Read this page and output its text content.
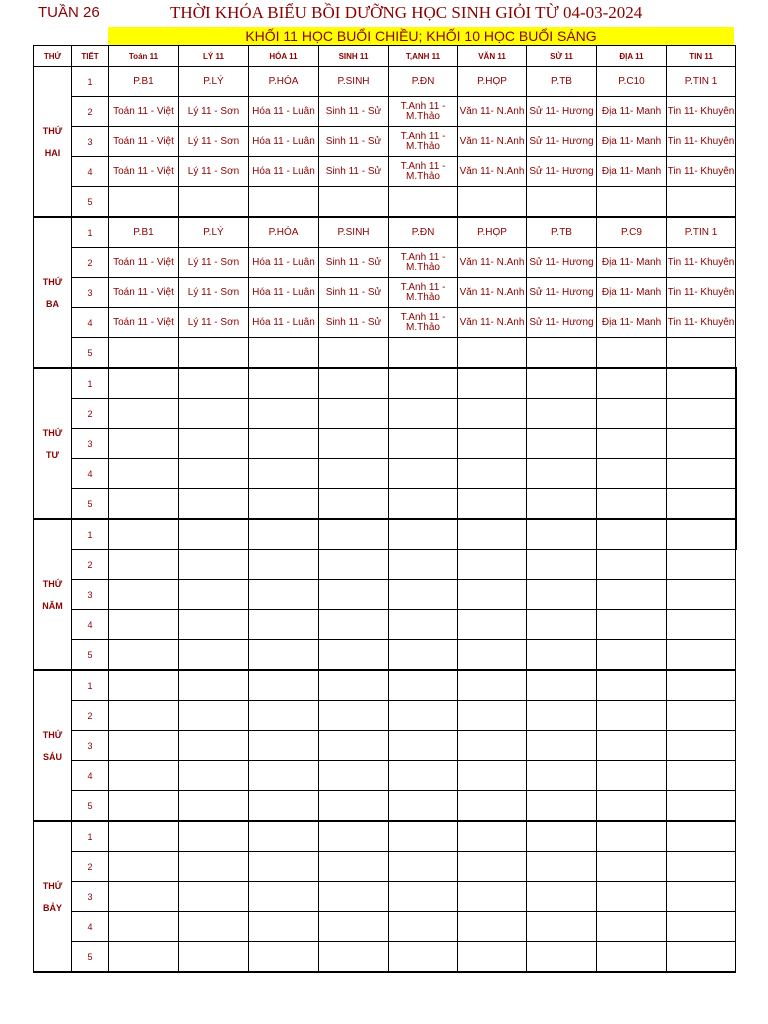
TUẦN 26	THỜI KHÓA BIỂU BỒI DƯỠNG HỌC SINH GIỎI TỪ 04-03-2024
KHỐI 11 HỌC BUỔI CHIỀU; KHỐI 10 HỌC BUỔI SÁNG
THỨ	TIẾT	Toán 11	LÝ 11	HÓA 11	SINH 11	T,ANH 11	VĂN 11	SỬ 11	ĐỊA 11	TIN 11

THỨ
HAI	1	P.B1	P.LÝ	P.HÓA	P.SINH	P.ĐN	P.HỌP	P.TB	P.C10	P.TIN 1
	2	Toán 11 - Việt	Lý 11 - Sơn	Hóa 11 - Luân	Sinh 11 - Sử	T.Anh 11 - M.Thảo	Văn 11- N.Anh	Sử 11- Hương	Địa 11- Manh	Tin 11- Khuyên
	3	Toán 11 - Việt	Lý 11 - Sơn	Hóa 11 - Luân	Sinh 11 - Sử	T.Anh 11 - M.Thảo	Văn 11- N.Anh	Sử 11- Hương	Địa 11- Manh	Tin 11- Khuyên
	4	Toán 11 - Việt	Lý 11 - Sơn	Hóa 11 - Luân	Sinh 11 - Sử	T.Anh 11 - M.Thảo	Văn 11- N.Anh	Sử 11- Hương	Địa 11- Manh	Tin 11- Khuyên
	5									

THỨ
BA	1	P.B1	P.LÝ	P.HÓA	P.SINH	P.ĐN	P.HỌP	P.TB	P.C9	P.TIN 1
	2	Toán 11 - Việt	Lý 11 - Sơn	Hóa 11 - Luân	Sinh 11 - Sử	T.Anh 11 - M.Thảo	Văn 11- N.Anh	Sử 11- Hương	Địa 11- Manh	Tin 11- Khuyên
	3	Toán 11 - Việt	Lý 11 - Sơn	Hóa 11 - Luân	Sinh 11 - Sử	T.Anh 11 - M.Thảo	Văn 11- N.Anh	Sử 11- Hương	Địa 11- Manh	Tin 11- Khuyên
	4	Toán 11 - Việt	Lý 11 - Sơn	Hóa 11 - Luân	Sinh 11 - Sử	T.Anh 11 - M.Thảo	Văn 11- N.Anh	Sử 11- Hương	Địa 11- Manh	Tin 11- Khuyên
	5									

THỨ
TƯ	1									
	2									
	3									
	4									
	5									

THỨ
NĂM	1									
	2									
	3									
	4									
	5									

THỨ
SÁU	1									
	2									
	3									
	4									
	5									

THỨ
BẢY	1									
	2									
	3									
	4									
	5									
